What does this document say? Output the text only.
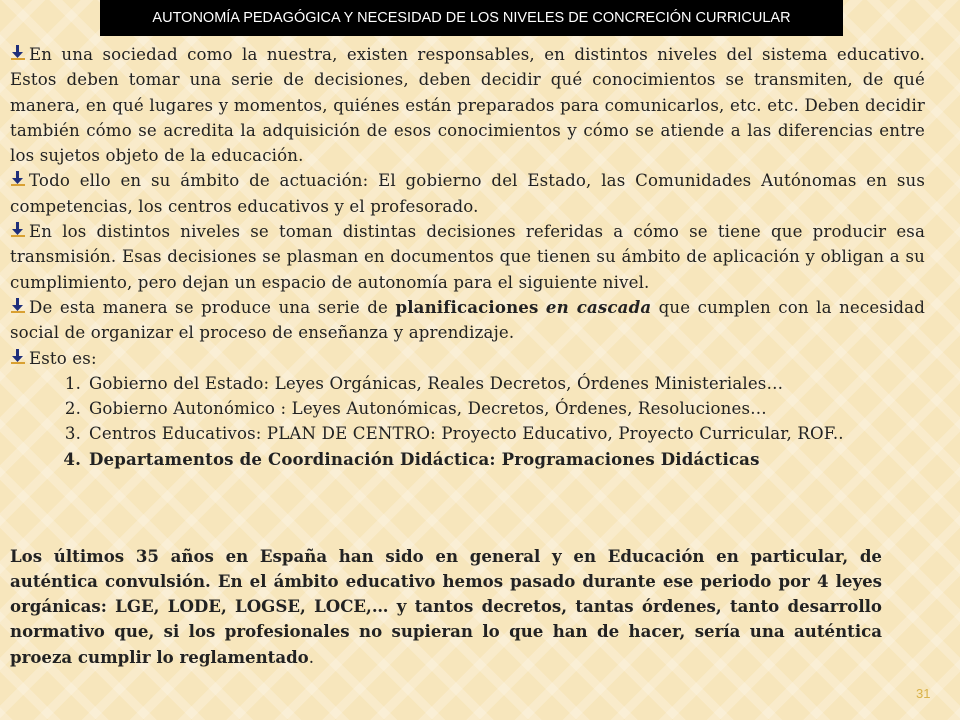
AUTONOMÍA PEDAGÓGICA Y NECESIDAD DE LOS NIVELES DE CONCRECIÓN CURRICULAR

En una sociedad como la nuestra, existen responsables, en distintos niveles del sistema educativo. Estos deben tomar una serie de decisiones, deben decidir qué conocimientos se transmiten, de qué manera, en qué lugares y momentos, quiénes están preparados para comunicarlos, etc. etc. Deben decidir también cómo se acredita la adquisición de esos conocimientos y cómo se atiende a las diferencias entre los sujetos objeto de la educación.

Todo ello en su ámbito de actuación: El gobierno del Estado, las Comunidades Autónomas en sus competencias, los centros educativos y el profesorado.

En los distintos niveles se toman distintas decisiones referidas a cómo se tiene que producir esa transmisión. Esas decisiones se plasman en documentos que tienen su ámbito de aplicación y obligan a su cumplimiento, pero dejan un espacio de autonomía para el siguiente nivel.

De esta manera se produce una serie de planificaciones en cascada que cumplen con la necesidad social de organizar el proceso de enseñanza y aprendizaje.

Esto es:

1. Gobierno del Estado: Leyes Orgánicas, Reales Decretos, Órdenes Ministeriales…
2. Gobierno Autonómico : Leyes Autonómicas, Decretos, Órdenes, Resoluciones…
3. Centros Educativos: PLAN DE CENTRO: Proyecto Educativo, Proyecto Curricular, ROF..
4. Departamentos de Coordinación Didáctica: Programaciones Didácticas

Los últimos 35 años en España han sido en general y en Educación en particular, de auténtica convulsión. En el ámbito educativo hemos pasado durante ese periodo por 4 leyes orgánicas: LGE, LODE, LOGSE, LOCE,… y tantos decretos, tantas órdenes, tanto desarrollo normativo que, si los profesionales no supieran lo que han de hacer, sería una auténtica proeza cumplir lo reglamentado.

31
